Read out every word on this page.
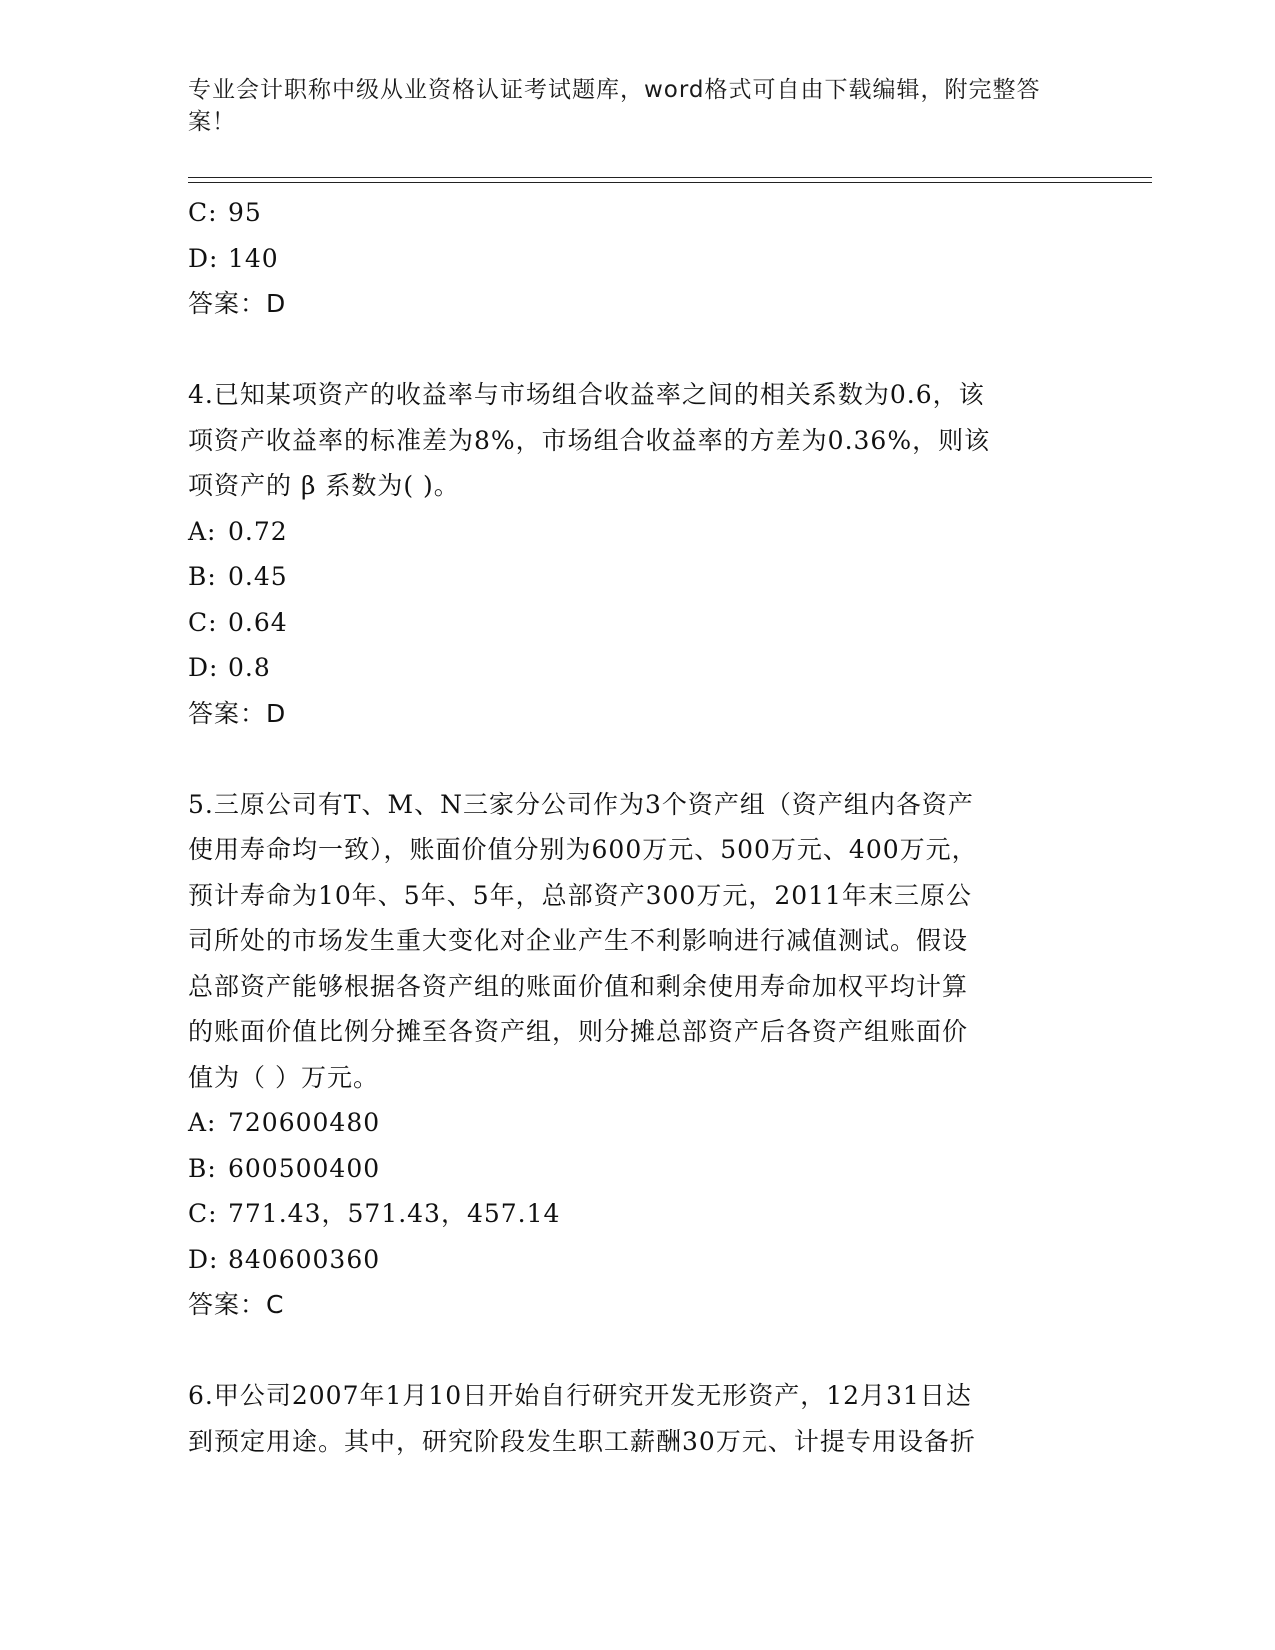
专业会计职称中级从业资格认证考试题库，word格式可自由下载编辑，附完整答案！
C: 95
D: 140
答案：D
4.已知某项资产的收益率与市场组合收益率之间的相关系数为0.6，该
项资产收益率的标准差为8%，市场组合收益率的方差为0.36%，则该
项资产的 β 系数为( )。
A: 0.72
B: 0.45
C: 0.64
D: 0.8
答案：D
5.三原公司有T、M、N三家分公司作为3个资产组（资产组内各资产
使用寿命均一致），账面价值分别为600万元、500万元、400万元，
预计寿命为10年、5年、5年，总部资产300万元，2011年末三原公
司所处的市场发生重大变化对企业产生不利影响进行减值测试。假设
总部资产能够根据各资产组的账面价值和剩余使用寿命加权平均计算
的账面价值比例分摊至各资产组，则分摊总部资产后各资产组账面价
值为（ ）万元。
A: 720600480
B: 600500400
C: 771.43，571.43，457.14
D: 840600360
答案：C
6.甲公司2007年1月10日开始自行研究开发无形资产，12月31日达
到预定用途。其中，研究阶段发生职工薪酬30万元、计提专用设备折
